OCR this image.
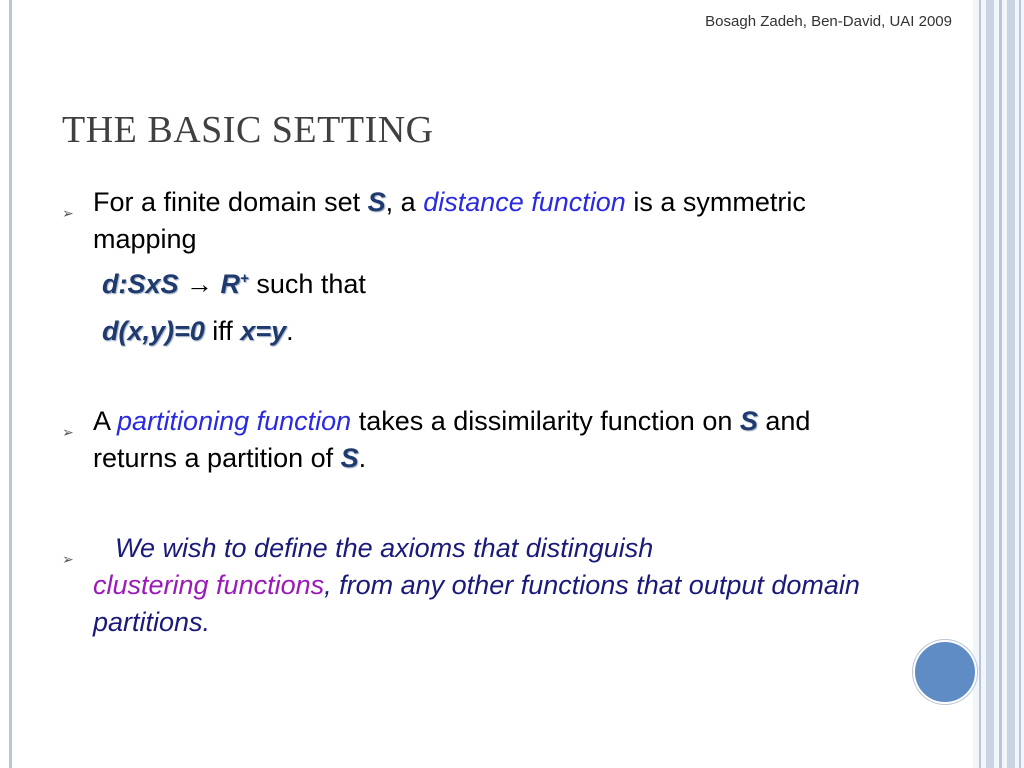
Bosagh Zadeh, Ben-David, UAI 2009
THE BASIC SETTING
➢ For a finite domain set S, a distance function is a symmetric mapping
d:SxS → R+ such that
d(x,y)=0 iff x=y.
➢ A partitioning function takes a dissimilarity function on S and returns a partition of S.
➢	We wish to define the axioms that distinguish
clustering functions, from any other functions that output domain partitions.
